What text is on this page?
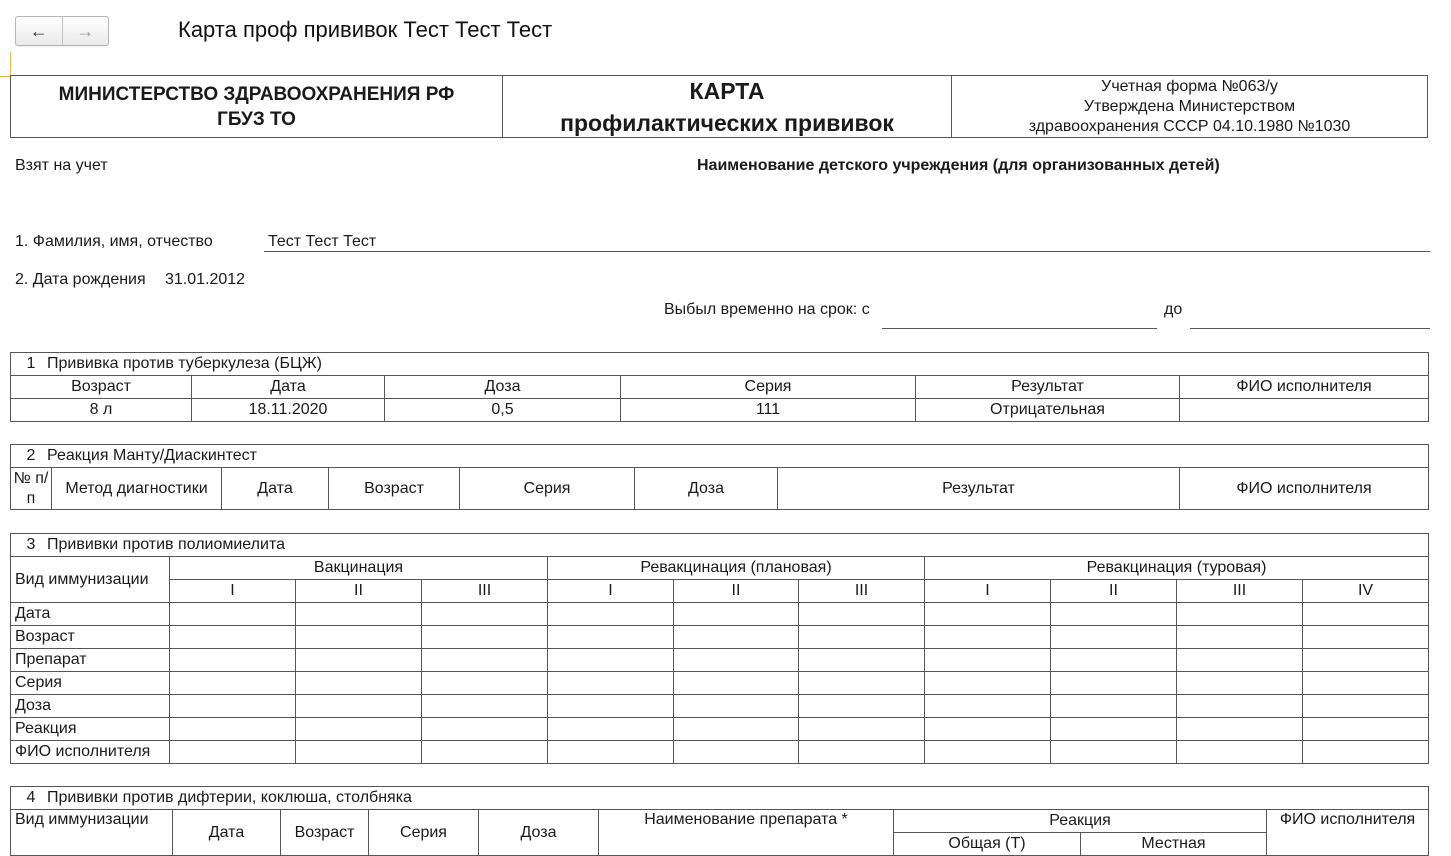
←	→	Карта проф прививок Тест Тест Тест
МИНИСТЕРСТВО ЗДРАВООХРАНЕНИЯ РФ
ГБУЗ ТО
КАРТА
профилактических прививок
Учетная форма №063/у
Утверждена Министерством
здравоохранения СССР 04.10.1980 №1030
Взят на учет	Наименование детского учреждения (для организованных детей)
1. Фамилия, имя, отчество	Тест Тест Тест
2. Дата рождения 31.01.2012
Выбыл временно на срок: с	до
1 Прививка против туберкулеза (БЦЖ)					
Возраст	Дата	Доза	Серия	Результат	ФИО исполнителя
8 л	18.11.2020	0,5	111	Отрицательная	
2 Реакция Манту/Диаскинтест
№ п/п	Метод диагностики	Дата	Возраст	Серия	Доза	Результат	ФИО исполнителя
3 Прививки против полиомиелита										
Вид иммунизации	Вакцинация			Ревакцинация (плановая)			Ревакцинация (туровая)			
	I	II	III	I	II	III	I	II	III	IV
Дата										
Возраст										
Препарат										
Серия										
Доза										
Реакция										
ФИО исполнителя										
4 Прививки против дифтерии, коклюша, столбняка								
Вид иммунизации	Дата	Возраст	Серия	Доза	Наименование препарата *	Реакция		ФИО исполнителя
						Общая (Т)	Местная	
